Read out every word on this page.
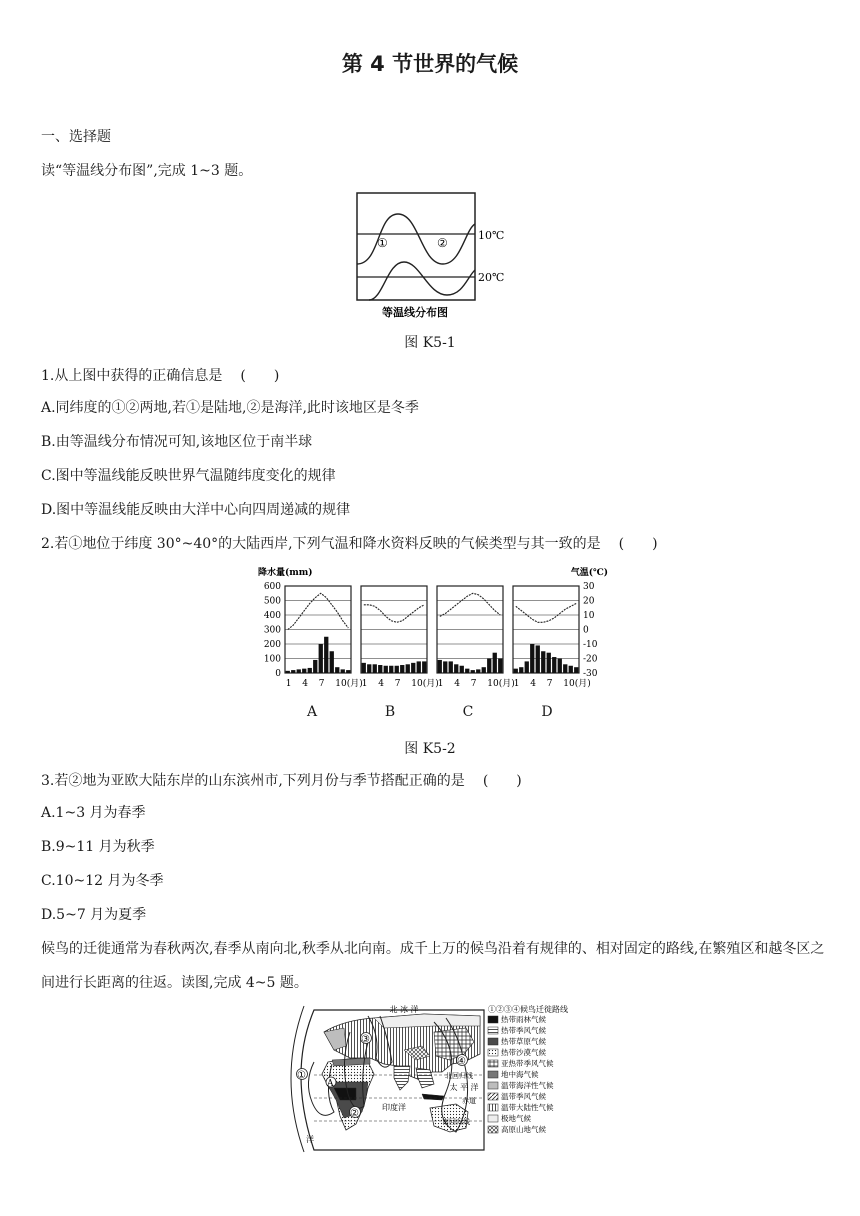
第 4 节世界的气候
一、选择题
读“等温线分布图”,完成 1~3 题。
①	②
10℃
20℃
等温线分布图
图 K5-1
1.从上图中获得的正确信息是 (　　)
A.同纬度的①②两地,若①是陆地,②是海洋,此时该地区是冬季
B.由等温线分布情况可知,该地区位于南半球
C.图中等温线能反映世界气温随纬度变化的规律
D.图中等温线能反映由大洋中心向四周递减的规律
2.若①地位于纬度 30°~40°的大陆西岸,下列气温和降水资料反映的气候类型与其一致的是 (　　)
降水量(mm)	气温(℃)
600
500
400
300
200
100
0
30
20
10
0
-10
-20
-30
1 4 7 10(月) 1 4 7 10(月) 1 4 7 10(月) 1 4 7 10(月)
A	B	C	D
图 K5-2
3.若②地为亚欧大陆东岸的山东滨州市,下列月份与季节搭配正确的是 (　　)
A.1~3 月为春季
B.9~11 月为秋季
C.10~12 月为冬季
D.5~7 月为夏季
候鸟的迁徙通常为春秋两次,春季从南向北,秋季从北向南。成千上万的候鸟沿着有规律的、相对固定的路线,在繁殖区和越冬区之间进行长距离的往返。读图,完成 4~5 题。
①
②
③
④
A
北 冰 洋
北回归线
太 平 洋
赤道
南回归线
印度洋
洋
①②③④候鸟迁徙路线
热带雨林气候
热带季风气候
热带草原气候
热带沙漠气候
亚热带季风气候
地中海气候
温带海洋性气候
温带季风气候
温带大陆性气候
极地气候
高原山地气候
